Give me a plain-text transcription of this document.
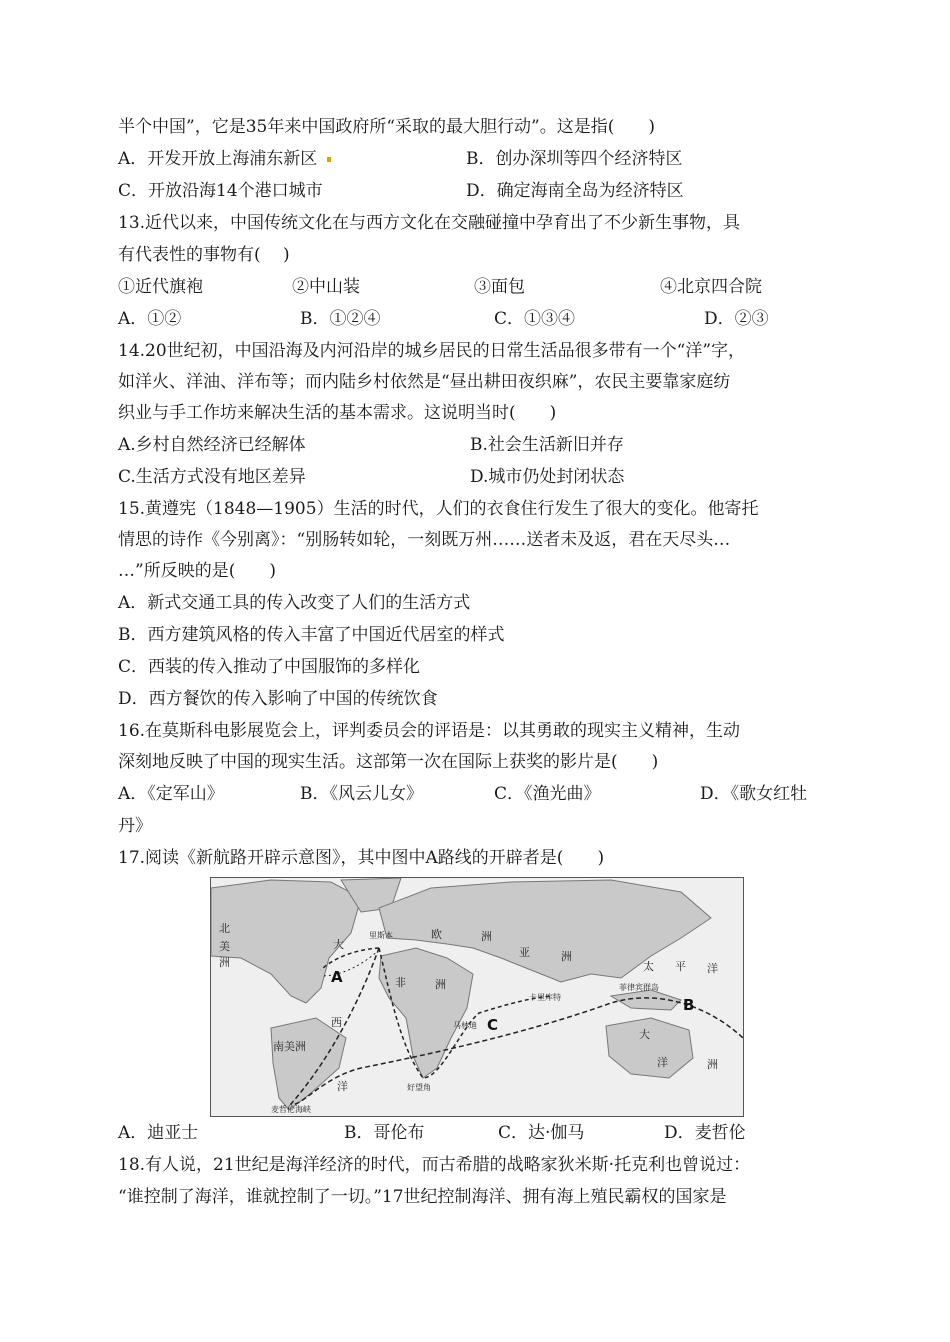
半个中国”，它是35年来中国政府所“采取的最大胆行动”。这是指(　　)
A．开发开放上海浦东新区	B．创办深圳等四个经济特区
C．开放沿海14个港口城市	D．确定海南全岛为经济特区
13.近代以来，中国传统文化在与西方文化在交融碰撞中孕育出了不少新生事物，具
有代表性的事物有(　 )
①近代旗袍	②中山装	③面包	④北京四合院
A．①②	B．①②④	C．①③④	D．②③
14.20世纪初，中国沿海及内河沿岸的城乡居民的日常生活品很多带有一个“洋”字，
如洋火、洋油、洋布等；而内陆乡村依然是“昼出耕田夜织麻”，农民主要靠家庭纺
织业与手工作坊来解决生活的基本需求。这说明当时(　　)
A.乡村自然经济已经解体	B.社会生活新旧并存
C.生活方式没有地区差异	D.城市仍处封闭状态
15.黄遵宪（1848—1905）生活的时代，人们的衣食住行发生了很大的变化。他寄托
情思的诗作《今别离》：“别肠转如轮，一刻既万州……送者未及返，君在天尽头…
…”所反映的是(　　)
A．新式交通工具的传入改变了人们的生活方式
B．西方建筑风格的传入丰富了中国近代居室的样式
C．西装的传入推动了中国服饰的多样化
D．西方餐饮的传入影响了中国的传统饮食
16.在莫斯科电影展览会上，评判委员会的评语是：以其勇敢的现实主义精神，生动
深刻地反映了中国的现实生活。这部第一次在国际上获奖的影片是(　　)
A．《定军山》	B．《风云儿女》	C．《渔光曲》	D．《歌女红牡
丹》
17.阅读《新航路开辟示意图》，其中图中A路线的开辟者是(　　)
北
美
洲
大
西
洋
欧	洲
亚	洲
非	洲
南美洲
太 平 洋
大
洋	洲
里斯本
菲律宾群岛
卡里库特
马林迪
好望角
麦哲伦海峡
A
B
C
A．迪亚士	B．哥伦布	C．达·伽马	D．麦哲伦
18.有人说，21世纪是海洋经济的时代，而古希腊的战略家狄米斯·托克利也曾说过：
“谁控制了海洋，谁就控制了一切。”17世纪控制海洋、拥有海上殖民霸权的国家是
